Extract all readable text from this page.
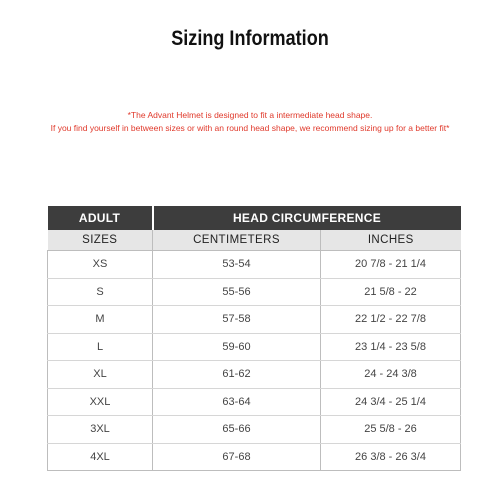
Sizing Information
*The Advant Helmet is designed to fit a intermediate head shape.
If you find yourself in between sizes or with an round head shape, we recommend sizing up for a better fit*
ADULT	HEAD CIRCUMFERENCE	
SIZES	CENTIMETERS	INCHES
XS	53-54	20 7/8 - 21 1/4
S	55-56	21 5/8 - 22
M	57-58	22 1/2 - 22 7/8
L	59-60	23 1/4 - 23 5/8
XL	61-62	24 - 24 3/8
XXL	63-64	24 3/4 - 25 1/4
3XL	65-66	25 5/8 - 26
4XL	67-68	26 3/8 - 26 3/4
